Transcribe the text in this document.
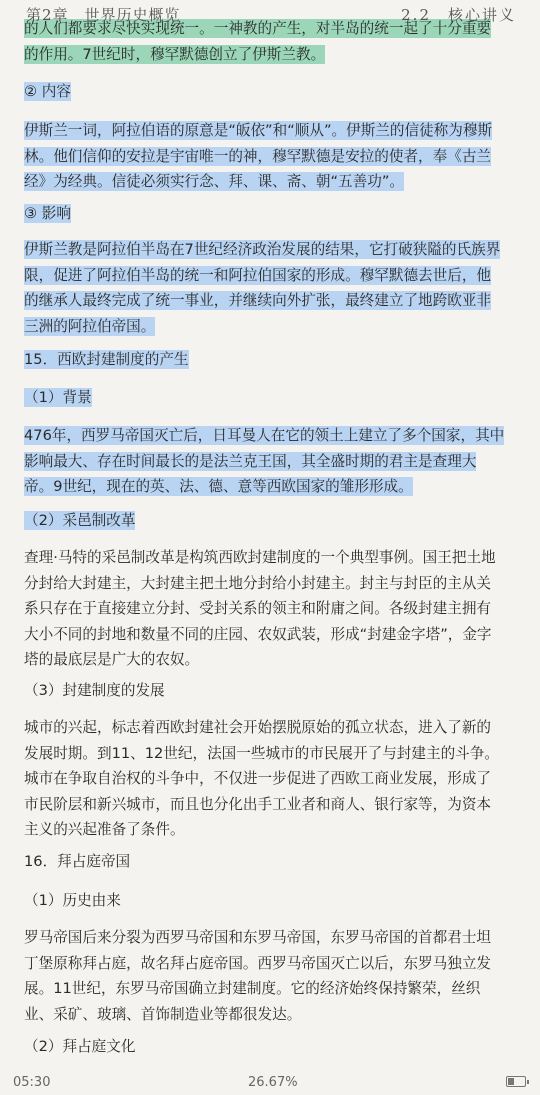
第2章　世界历史概览	2.2　核心讲义
的人们都要求尽快实现统一。一神教的产生，对半岛的统一起了十分重要
的作用。7世纪时，穆罕默德创立了伊斯兰教。
② 内容
伊斯兰一词，阿拉伯语的原意是“皈依”和“顺从”。伊斯兰的信徒称为穆斯
林。他们信仰的安拉是宇宙唯一的神，穆罕默德是安拉的使者，奉《古兰
经》为经典。信徒必须实行念、拜、课、斋、朝“五善功”。
③ 影响
伊斯兰教是阿拉伯半岛在7世纪经济政治发展的结果，它打破狭隘的氏族界
限，促进了阿拉伯半岛的统一和阿拉伯国家的形成。穆罕默德去世后，他
的继承人最终完成了统一事业，并继续向外扩张，最终建立了地跨欧亚非
三洲的阿拉伯帝国。
15．西欧封建制度的产生
（1）背景
476年，西罗马帝国灭亡后，日耳曼人在它的领土上建立了多个国家，其中
影响最大、存在时间最长的是法兰克王国，其全盛时期的君主是查理大
帝。9世纪，现在的英、法、德、意等西欧国家的雏形形成。
（2）采邑制改革
查理·马特的采邑制改革是构筑西欧封建制度的一个典型事例。国王把土地
分封给大封建主，大封建主把土地分封给小封建主。封主与封臣的主从关
系只存在于直接建立分封、受封关系的领主和附庸之间。各级封建主拥有
大小不同的封地和数量不同的庄园、农奴武装，形成“封建金字塔”，金字
塔的最底层是广大的农奴。
（3）封建制度的发展
城市的兴起，标志着西欧封建社会开始摆脱原始的孤立状态，进入了新的
发展时期。到11、12世纪，法国一些城市的市民展开了与封建主的斗争。
城市在争取自治权的斗争中，不仅进一步促进了西欧工商业发展，形成了
市民阶层和新兴城市，而且也分化出手工业者和商人、银行家等，为资本
主义的兴起准备了条件。
16．拜占庭帝国
（1）历史由来
罗马帝国后来分裂为西罗马帝国和东罗马帝国，东罗马帝国的首都君士坦
丁堡原称拜占庭，故名拜占庭帝国。西罗马帝国灭亡以后，东罗马独立发
展。11世纪，东罗马帝国确立封建制度。它的经济始终保持繁荣，丝织
业、采矿、玻璃、首饰制造业等都很发达。
（2）拜占庭文化
05:30	26.67%
